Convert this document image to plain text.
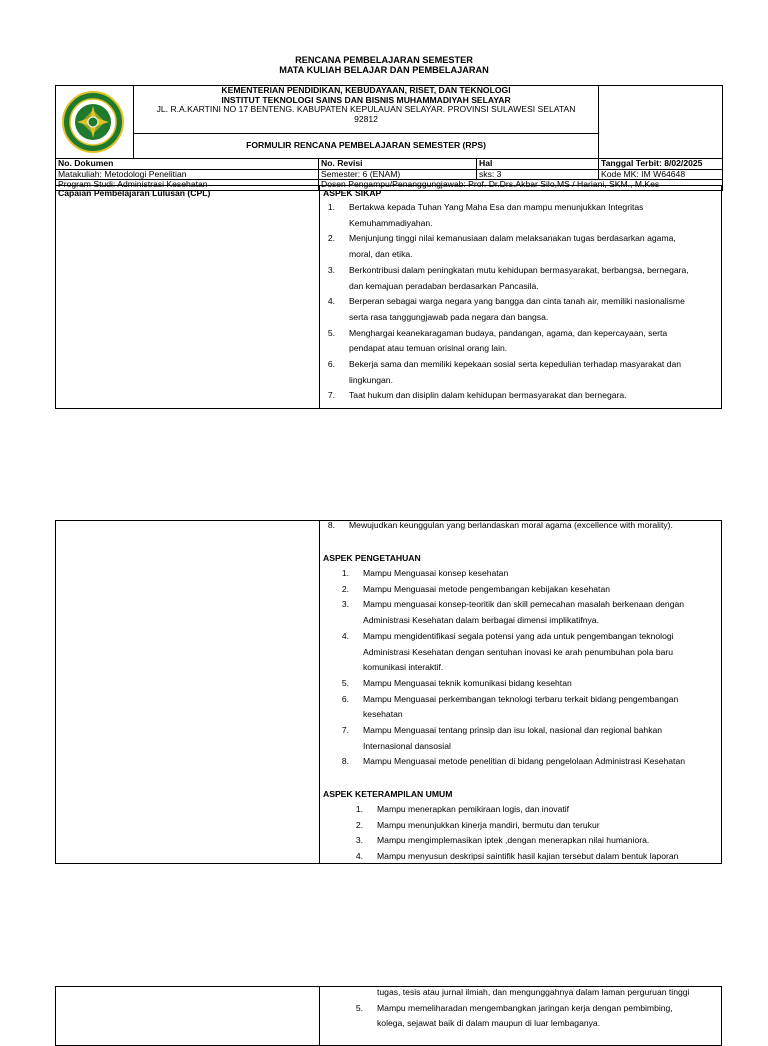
RENCANA PEMBELAJARAN SEMESTER
MATA KULIAH BELAJAR DAN PEMBELAJARAN

KEMENTERIAN PENDIDIKAN, KEBUDAYAAN, RISET, DAN TEKNOLOGI
INSTITUT TEKNOLOGI SAINS DAN BISNIS MUHAMMADIYAH SELAYAR
JL. R.A.KARTINI NO 17 BENTENG. KABUPATEN KEPULAUAN SELAYAR. PROVINSI SULAWESI SELATAN
92812			

	FORMULIR RENCANA PEMBELAJARAN SEMESTER (RPS)			
No. Dokumen		No. Revisi	Hal	Tanggal Terbit: 8/02/2025
Matakuliah: Metodologi Penelitian		Semester: 6 (ENAM)	sks: 3	Kode MK: IM W64648
Program Studi: Administrasi Kesehatan		Dosen Pengampu/Penanggungjawab: Prof. Dr.Drs.Akbar Silo,MS / Hariani, SKM., M.Kes		
Capaian Pembelajaran Lulusan (CPL)	ASPEK SIKAP
1. Bertakwa kepada Tuhan Yang Maha Esa dan mampu menunjukkan Integritas
Kemuhammadiyahan.
2. Menjunjung tinggi nilai kemanusiaan dalam melaksanakan tugas berdasarkan agama,
moral, dan etika.
3. Berkontribusi dalam peningkatan mutu kehidupan bermasyarakat, berbangsa, bernegara,
dan kemajuan peradaban berdasarkan Pancasila.
4. Berperan sebagai warga negara yang bangga dan cinta tanah air, memiliki nasionalisme
serta rasa tanggungjawab pada negara dan bangsa.
5. Menghargai keanekaragaman budaya, pandangan, agama, dan kepercayaan, serta
pendapat atau temuan orisinal orang lain.
6. Bekerja sama dan memiliki kepekaan sosial serta kepedulian terhadap masyarakat dan
lingkungan.
7. Taat hukum dan disiplin dalam kehidupan bermasyarakat dan bernegara.
8. Mewujudkan keunggulan yang berlandaskan moral agama (excellence with morality).
ASPEK PENGETAHUAN
1. Mampu Menguasai konsep kesehatan
2. Mampu Menguasai metode pengembangan kebijakan kesehatan
3. Mampu menguasai konsep-teoritik dan skill pemecahan masalah berkenaan dengan
Administrasi Kesehatan dalam berbagai dimensi implikatifnya.
4. Mampu mengidentifikasi segala potensi yang ada untuk pengembangan teknologi
Administrasi Kesehatan dengan sentuhan inovasi ke arah penumbuhan pola baru
komunikasi interaktif.
5. Mampu Menguasai teknik komunikasi bidang kesehtan
6. Mampu Menguasai perkembangan teknologi terbaru terkait bidang pengembangan
kesehatan
7. Mampu Menguasai tentang prinsip dan isu lokal, nasional dan regional bahkan
Internasional dansosial
8. Mampu Menguasai metode penelitian di bidang pengelolaan Administrasi Kesehatan
ASPEK KETERAMPILAN UMUM
1. Mampu menerapkan pemikiraan logis, dan inovatif
2. Mampu menunjukkan kinerja mandiri, bermutu dan terukur
3. Mampu mengimplemasikan iptek ,dengan menerapkan nilai humaniora.
4. Mampu menyusun deskripsi saintifik hasil kajian tersebut dalam bentuk laporan
tugas, tesis atau jurnal ilmiah, dan mengunggahnya dalam laman perguruan tinggi
5. Mampu memeliharadan mengembangkan jaringan kerja dengan pembimbing,
kolega, sejawat baik di dalam maupun di luar lembaganya.
